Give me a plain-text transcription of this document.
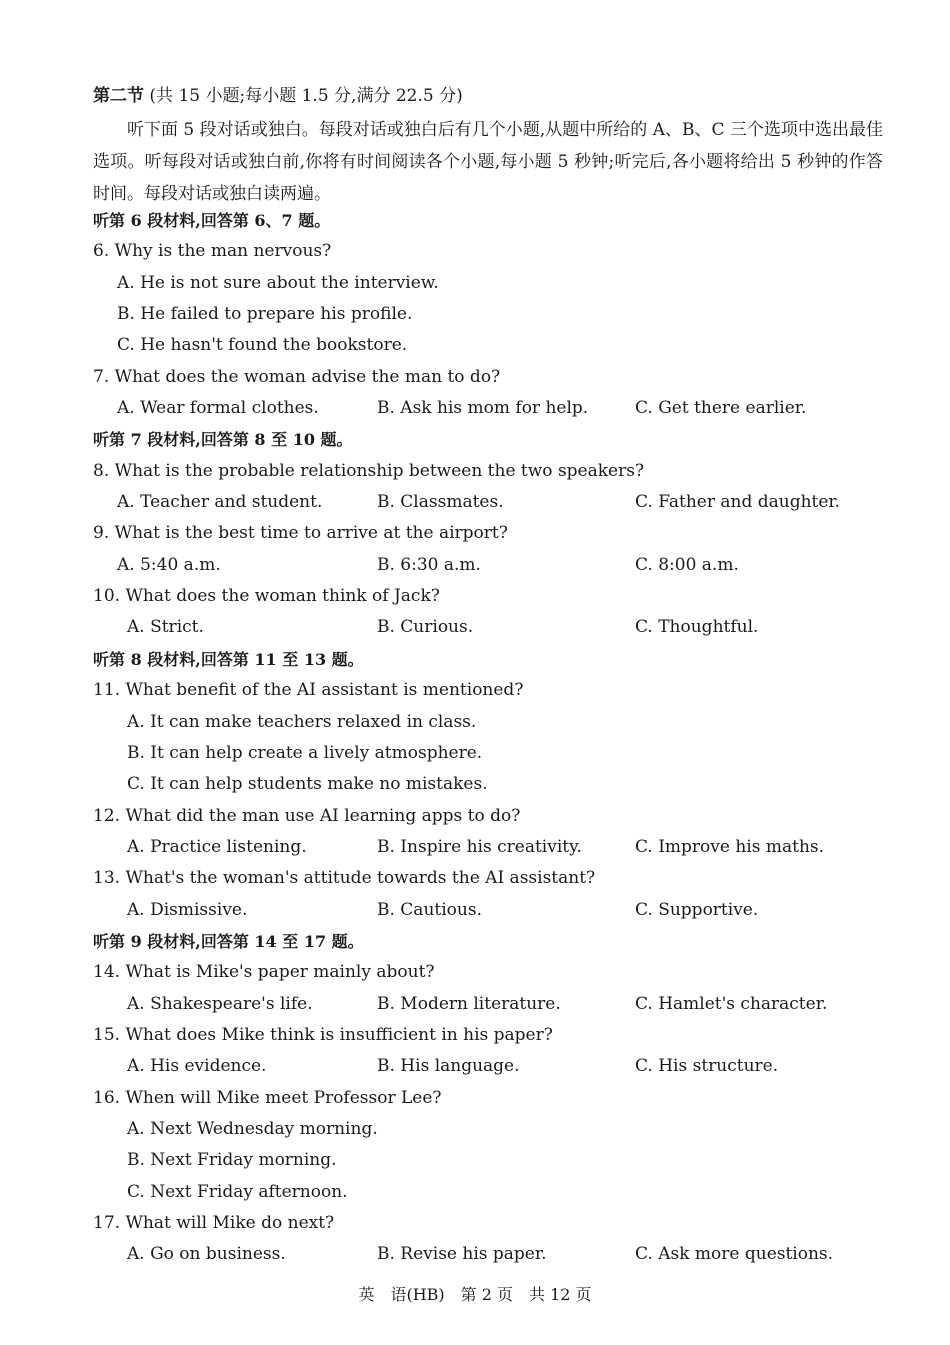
第二节 (共 15 小题;每小题 1.5 分,满分 22.5 分)
听下面 5 段对话或独白。每段对话或独白后有几个小题,从题中所给的 A、B、C 三个选项中选出最佳选项。听每段对话或独白前,你将有时间阅读各个小题,每小题 5 秒钟;听完后,各小题将给出 5 秒钟的作答时间。每段对话或独白读两遍。
听第 6 段材料,回答第 6、7 题。
6. Why is the man nervous?
A. He is not sure about the interview.
B. He failed to prepare his profile.
C. He hasn't found the bookstore.
7. What does the woman advise the man to do?
A. Wear formal clothes.	B. Ask his mom for help.	C. Get there earlier.
听第 7 段材料,回答第 8 至 10 题。
8. What is the probable relationship between the two speakers?
A. Teacher and student.	B. Classmates.	C. Father and daughter.
9. What is the best time to arrive at the airport?
A. 5:40 a.m.	B. 6:30 a.m.	C. 8:00 a.m.
10. What does the woman think of Jack?
A. Strict.	B. Curious.	C. Thoughtful.
听第 8 段材料,回答第 11 至 13 题。
11. What benefit of the AI assistant is mentioned?
A. It can make teachers relaxed in class.
B. It can help create a lively atmosphere.
C. It can help students make no mistakes.
12. What did the man use AI learning apps to do?
A. Practice listening.	B. Inspire his creativity.	C. Improve his maths.
13. What's the woman's attitude towards the AI assistant?
A. Dismissive.	B. Cautious.	C. Supportive.
听第 9 段材料,回答第 14 至 17 题。
14. What is Mike's paper mainly about?
A. Shakespeare's life.	B. Modern literature.	C. Hamlet's character.
15. What does Mike think is insufficient in his paper?
A. His evidence.	B. His language.	C. His structure.
16. When will Mike meet Professor Lee?
A. Next Wednesday morning.
B. Next Friday morning.
C. Next Friday afternoon.
17. What will Mike do next?
A. Go on business.	B. Revise his paper.	C. Ask more questions.
英　语(HB)　第 2 页　共 12 页
